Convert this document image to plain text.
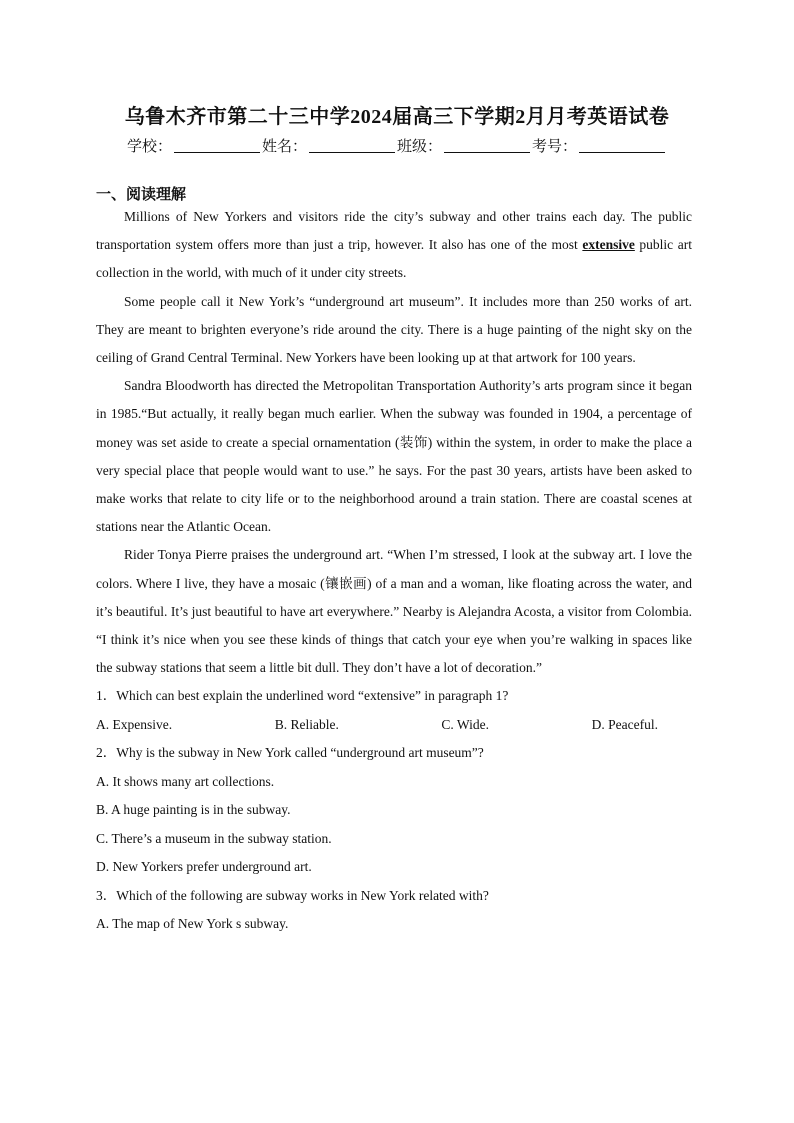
乌鲁木齐市第二十三中学2024届高三下学期2月月考英语试卷
学校：	姓名：	班级：	考号：
一、阅读理解

Millions of New Yorkers and visitors ride the city’s subway and other trains each day. The public transportation system offers more than just a trip, however. It also has one of the most extensive public art collection in the world, with much of it under city streets.

Some people call it New York’s “underground art museum”. It includes more than 250 works of art. They are meant to brighten everyone’s ride around the city. There is a huge painting of the night sky on the ceiling of Grand Central Terminal. New Yorkers have been looking up at that artwork for 100 years.

Sandra Bloodworth has directed the Metropolitan Transportation Authority’s arts program since it began in 1985.“But actually, it really began much earlier. When the subway was founded in 1904, a percentage of money was set aside to create a special ornamentation (装饰) within the system, in order to make the place a very special place that people would want to use.” he says. For the past 30 years, artists have been asked to make works that relate to city life or to the neighborhood around a train station. There are coastal scenes at stations near the Atlantic Ocean.

Rider Tonya Pierre praises the underground art. “When I’m stressed, I look at the subway art. I love the colors. Where I live, they have a mosaic (镶嵌画) of a man and a woman, like floating across the water, and it’s beautiful. It’s just beautiful to have art everywhere.” Nearby is Alejandra Acosta, a visitor from Colombia. “I think it’s nice when you see these kinds of things that catch your eye when you’re walking in spaces like the subway stations that seem a little bit dull. They don’t have a lot of decoration.”

1．Which can best explain the underlined word “extensive” in paragraph 1?

A. Expensive.	B. Reliable.	C. Wide.	D. Peaceful.

2．Why is the subway in New York called “underground art museum”?

A. It shows many art collections.

B. A huge painting is in the subway.

C. There’s a museum in the subway station.

D. New Yorkers prefer underground art.

3．Which of the following are subway works in New York related with?

A. The map of New York s subway.
